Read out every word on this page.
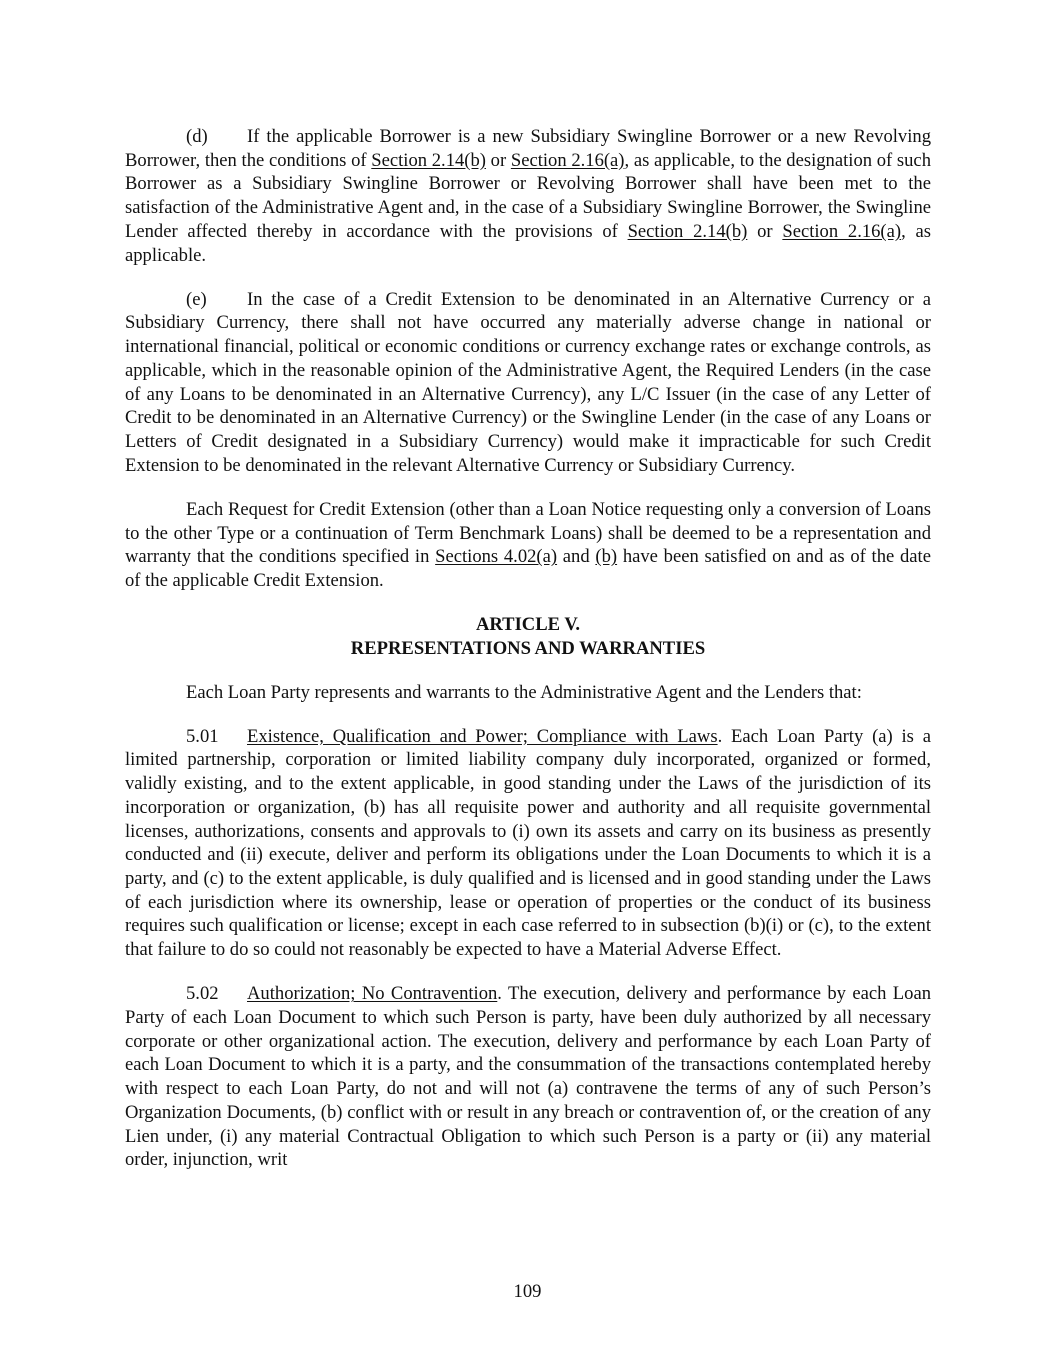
(d) If the applicable Borrower is a new Subsidiary Swingline Borrower or a new Revolving Borrower, then the conditions of Section 2.14(b) or Section 2.16(a), as applicable, to the designation of such Borrower as a Subsidiary Swingline Borrower or Revolving Borrower shall have been met to the satisfaction of the Administrative Agent and, in the case of a Subsidiary Swingline Borrower, the Swingline Lender affected thereby in accordance with the provisions of Section 2.14(b) or Section 2.16(a), as applicable.

(e) In the case of a Credit Extension to be denominated in an Alternative Currency or a Subsidiary Currency, there shall not have occurred any materially adverse change in national or international financial, political or economic conditions or currency exchange rates or exchange controls, as applicable, which in the reasonable opinion of the Administrative Agent, the Required Lenders (in the case of any Loans to be denominated in an Alternative Currency), any L/C Issuer (in the case of any Letter of Credit to be denominated in an Alternative Currency) or the Swingline Lender (in the case of any Loans or Letters of Credit designated in a Subsidiary Currency) would make it impracticable for such Credit Extension to be denominated in the relevant Alternative Currency or Subsidiary Currency.

Each Request for Credit Extension (other than a Loan Notice requesting only a conversion of Loans to the other Type or a continuation of Term Benchmark Loans) shall be deemed to be a representation and warranty that the conditions specified in Sections 4.02(a) and (b) have been satisfied on and as of the date of the applicable Credit Extension.

ARTICLE V.
REPRESENTATIONS AND WARRANTIES

Each Loan Party represents and warrants to the Administrative Agent and the Lenders that:

5.01 Existence, Qualification and Power; Compliance with Laws. Each Loan Party (a) is a limited partnership, corporation or limited liability company duly incorporated, organized or formed, validly existing, and to the extent applicable, in good standing under the Laws of the jurisdiction of its incorporation or organization, (b) has all requisite power and authority and all requisite governmental licenses, authorizations, consents and approvals to (i) own its assets and carry on its business as presently conducted and (ii) execute, deliver and perform its obligations under the Loan Documents to which it is a party, and (c) to the extent applicable, is duly qualified and is licensed and in good standing under the Laws of each jurisdiction where its ownership, lease or operation of properties or the conduct of its business requires such qualification or license; except in each case referred to in subsection (b)(i) or (c), to the extent that failure to do so could not reasonably be expected to have a Material Adverse Effect.

5.02 Authorization; No Contravention. The execution, delivery and performance by each Loan Party of each Loan Document to which such Person is party, have been duly authorized by all necessary corporate or other organizational action. The execution, delivery and performance by each Loan Party of each Loan Document to which it is a party, and the consummation of the transactions contemplated hereby with respect to each Loan Party, do not and will not (a) contravene the terms of any of such Person’s Organization Documents, (b) conflict with or result in any breach or contravention of, or the creation of any Lien under, (i) any material Contractual Obligation to which such Person is a party or (ii) any material order, injunction, writ

109
